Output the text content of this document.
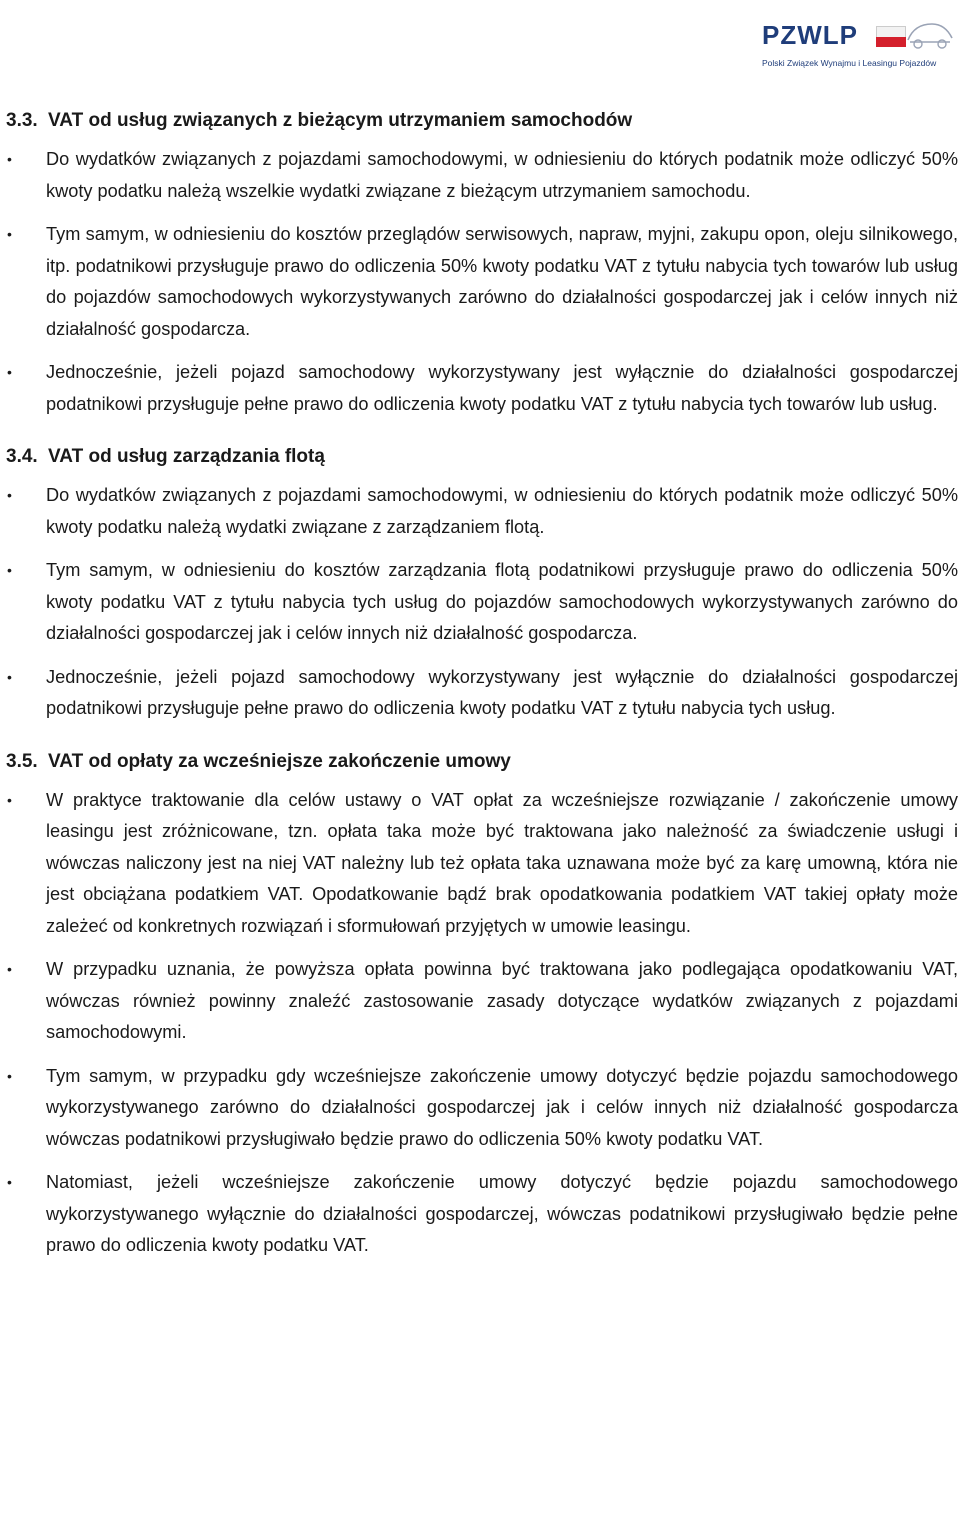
PZWLP
Polski Związek Wynajmu i Leasingu Pojazdów
3.3. VAT od usług związanych z bieżącym utrzymaniem samochodów
• Do wydatków związanych z pojazdami samochodowymi, w odniesieniu do których podatnik może odliczyć 50% kwoty podatku należą wszelkie wydatki związane z bieżącym utrzymaniem samochodu.
• Tym samym, w odniesieniu do kosztów przeglądów serwisowych, napraw, myjni, zakupu opon, oleju silnikowego, itp. podatnikowi przysługuje prawo do odliczenia 50% kwoty podatku VAT z tytułu nabycia tych towarów lub usług do pojazdów samochodowych wykorzystywanych zarówno do działalności gospodarczej jak i celów innych niż działalność gospodarcza.
• Jednocześnie, jeżeli pojazd samochodowy wykorzystywany jest wyłącznie do działalności gospodarczej podatnikowi przysługuje pełne prawo do odliczenia kwoty podatku VAT z tytułu nabycia tych towarów lub usług.
3.4. VAT od usług zarządzania flotą
• Do wydatków związanych z pojazdami samochodowymi, w odniesieniu do których podatnik może odliczyć 50% kwoty podatku należą wydatki związane z zarządzaniem flotą.
• Tym samym, w odniesieniu do kosztów zarządzania flotą podatnikowi przysługuje prawo do odliczenia 50% kwoty podatku VAT z tytułu nabycia tych usług do pojazdów samochodowych wykorzystywanych zarówno do działalności gospodarczej jak i celów innych niż działalność gospodarcza.
• Jednocześnie, jeżeli pojazd samochodowy wykorzystywany jest wyłącznie do działalności gospodarczej podatnikowi przysługuje pełne prawo do odliczenia kwoty podatku VAT z tytułu nabycia tych usług.
3.5. VAT od opłaty za wcześniejsze zakończenie umowy
• W praktyce traktowanie dla celów ustawy o VAT opłat za wcześniejsze rozwiązanie / zakończenie umowy leasingu jest zróżnicowane, tzn. opłata taka może być traktowana jako należność za świadczenie usługi i wówczas naliczony jest na niej VAT należny lub też opłata taka uznawana może być za karę umowną, która nie jest obciążana podatkiem VAT. Opodatkowanie bądź brak opodatkowania podatkiem VAT takiej opłaty może zależeć od konkretnych rozwiązań i sformułowań przyjętych w umowie leasingu.
• W przypadku uznania, że powyższa opłata powinna być traktowana jako podlegająca opodatkowaniu VAT, wówczas również powinny znaleźć zastosowanie zasady dotyczące wydatków związanych z pojazdami samochodowymi.
• Tym samym, w przypadku gdy wcześniejsze zakończenie umowy dotyczyć będzie pojazdu samochodowego wykorzystywanego zarówno do działalności gospodarczej jak i celów innych niż działalność gospodarcza wówczas podatnikowi przysługiwało będzie prawo do odliczenia 50% kwoty podatku VAT.
• Natomiast, jeżeli wcześniejsze zakończenie umowy dotyczyć będzie pojazdu samochodowego wykorzystywanego wyłącznie do działalności gospodarczej, wówczas podatnikowi przysługiwało będzie pełne prawo do odliczenia kwoty podatku VAT.
